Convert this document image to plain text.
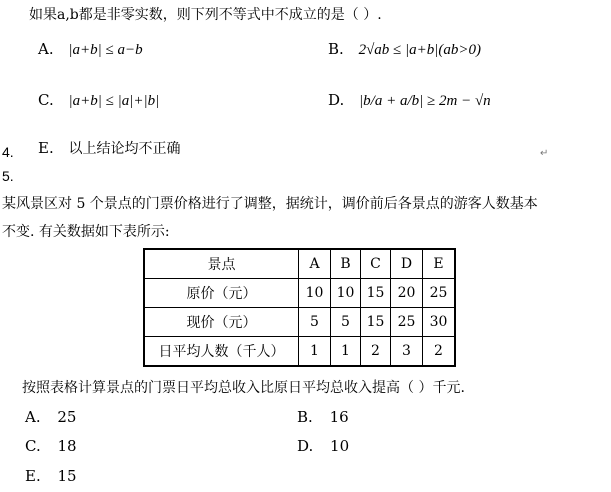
如果a,b都是非零实数，则下列不等式中不成立的是（ ）.
A. |a+b| ≤ a−b	B. 2√ab ≤ |a+b|(ab>0)
C. |a+b| ≤ |a|+|b|	D. |b/a + a/b| ≥ 2m − √n
4. E. 以上结论均不正确	↵
5.
某风景区对 5 个景点的门票价格进行了调整，据统计，调价前后各景点的游客人数基本
不变. 有关数据如下表所示:
景点	A	B	C	D	E
原价（元）	10	10	15	20	25
现价（元）	5	5	15	25	30
日平均人数（千人）	1	1	2	3	2
按照表格计算景点的门票日平均总收入比原日平均总收入提高（ ）千元.
A. 25	B. 16
C. 18	D. 10
E. 15
